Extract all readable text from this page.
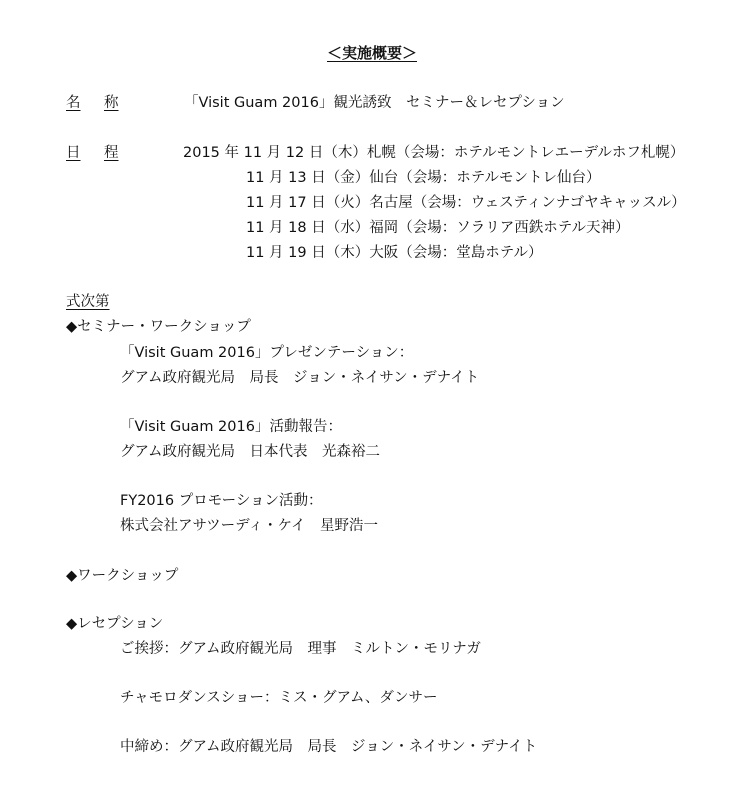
＜実施概要＞
名 称	「Visit Guam 2016」観光誘致　セミナー＆レセプション
日 程	2015 年 11 月 12 日（木）札幌（会場：ホテルモントレエーデルホフ札幌）
11 月 13 日（金）仙台（会場：ホテルモントレ仙台）
11 月 17 日（火）名古屋（会場：ウェスティンナゴヤキャッスル）
11 月 18 日（水）福岡（会場：ソラリア西鉄ホテル天神）
11 月 19 日（木）大阪（会場：堂島ホテル）
式次第
◆セミナー・ワークショップ
「Visit Guam 2016」プレゼンテーション：
グアム政府観光局　局長　ジョン・ネイサン・デナイト
「Visit Guam 2016」活動報告：
グアム政府観光局　日本代表　光森裕二
FY2016 プロモーション活動：
株式会社アサツーディ・ケイ　星野浩一
◆ワークショップ
◆レセプション
ご挨拶：グアム政府観光局　理事　ミルトン・モリナガ
チャモロダンスショー：ミス・グアム、ダンサー
中締め：グアム政府観光局　局長　ジョン・ネイサン・デナイト
